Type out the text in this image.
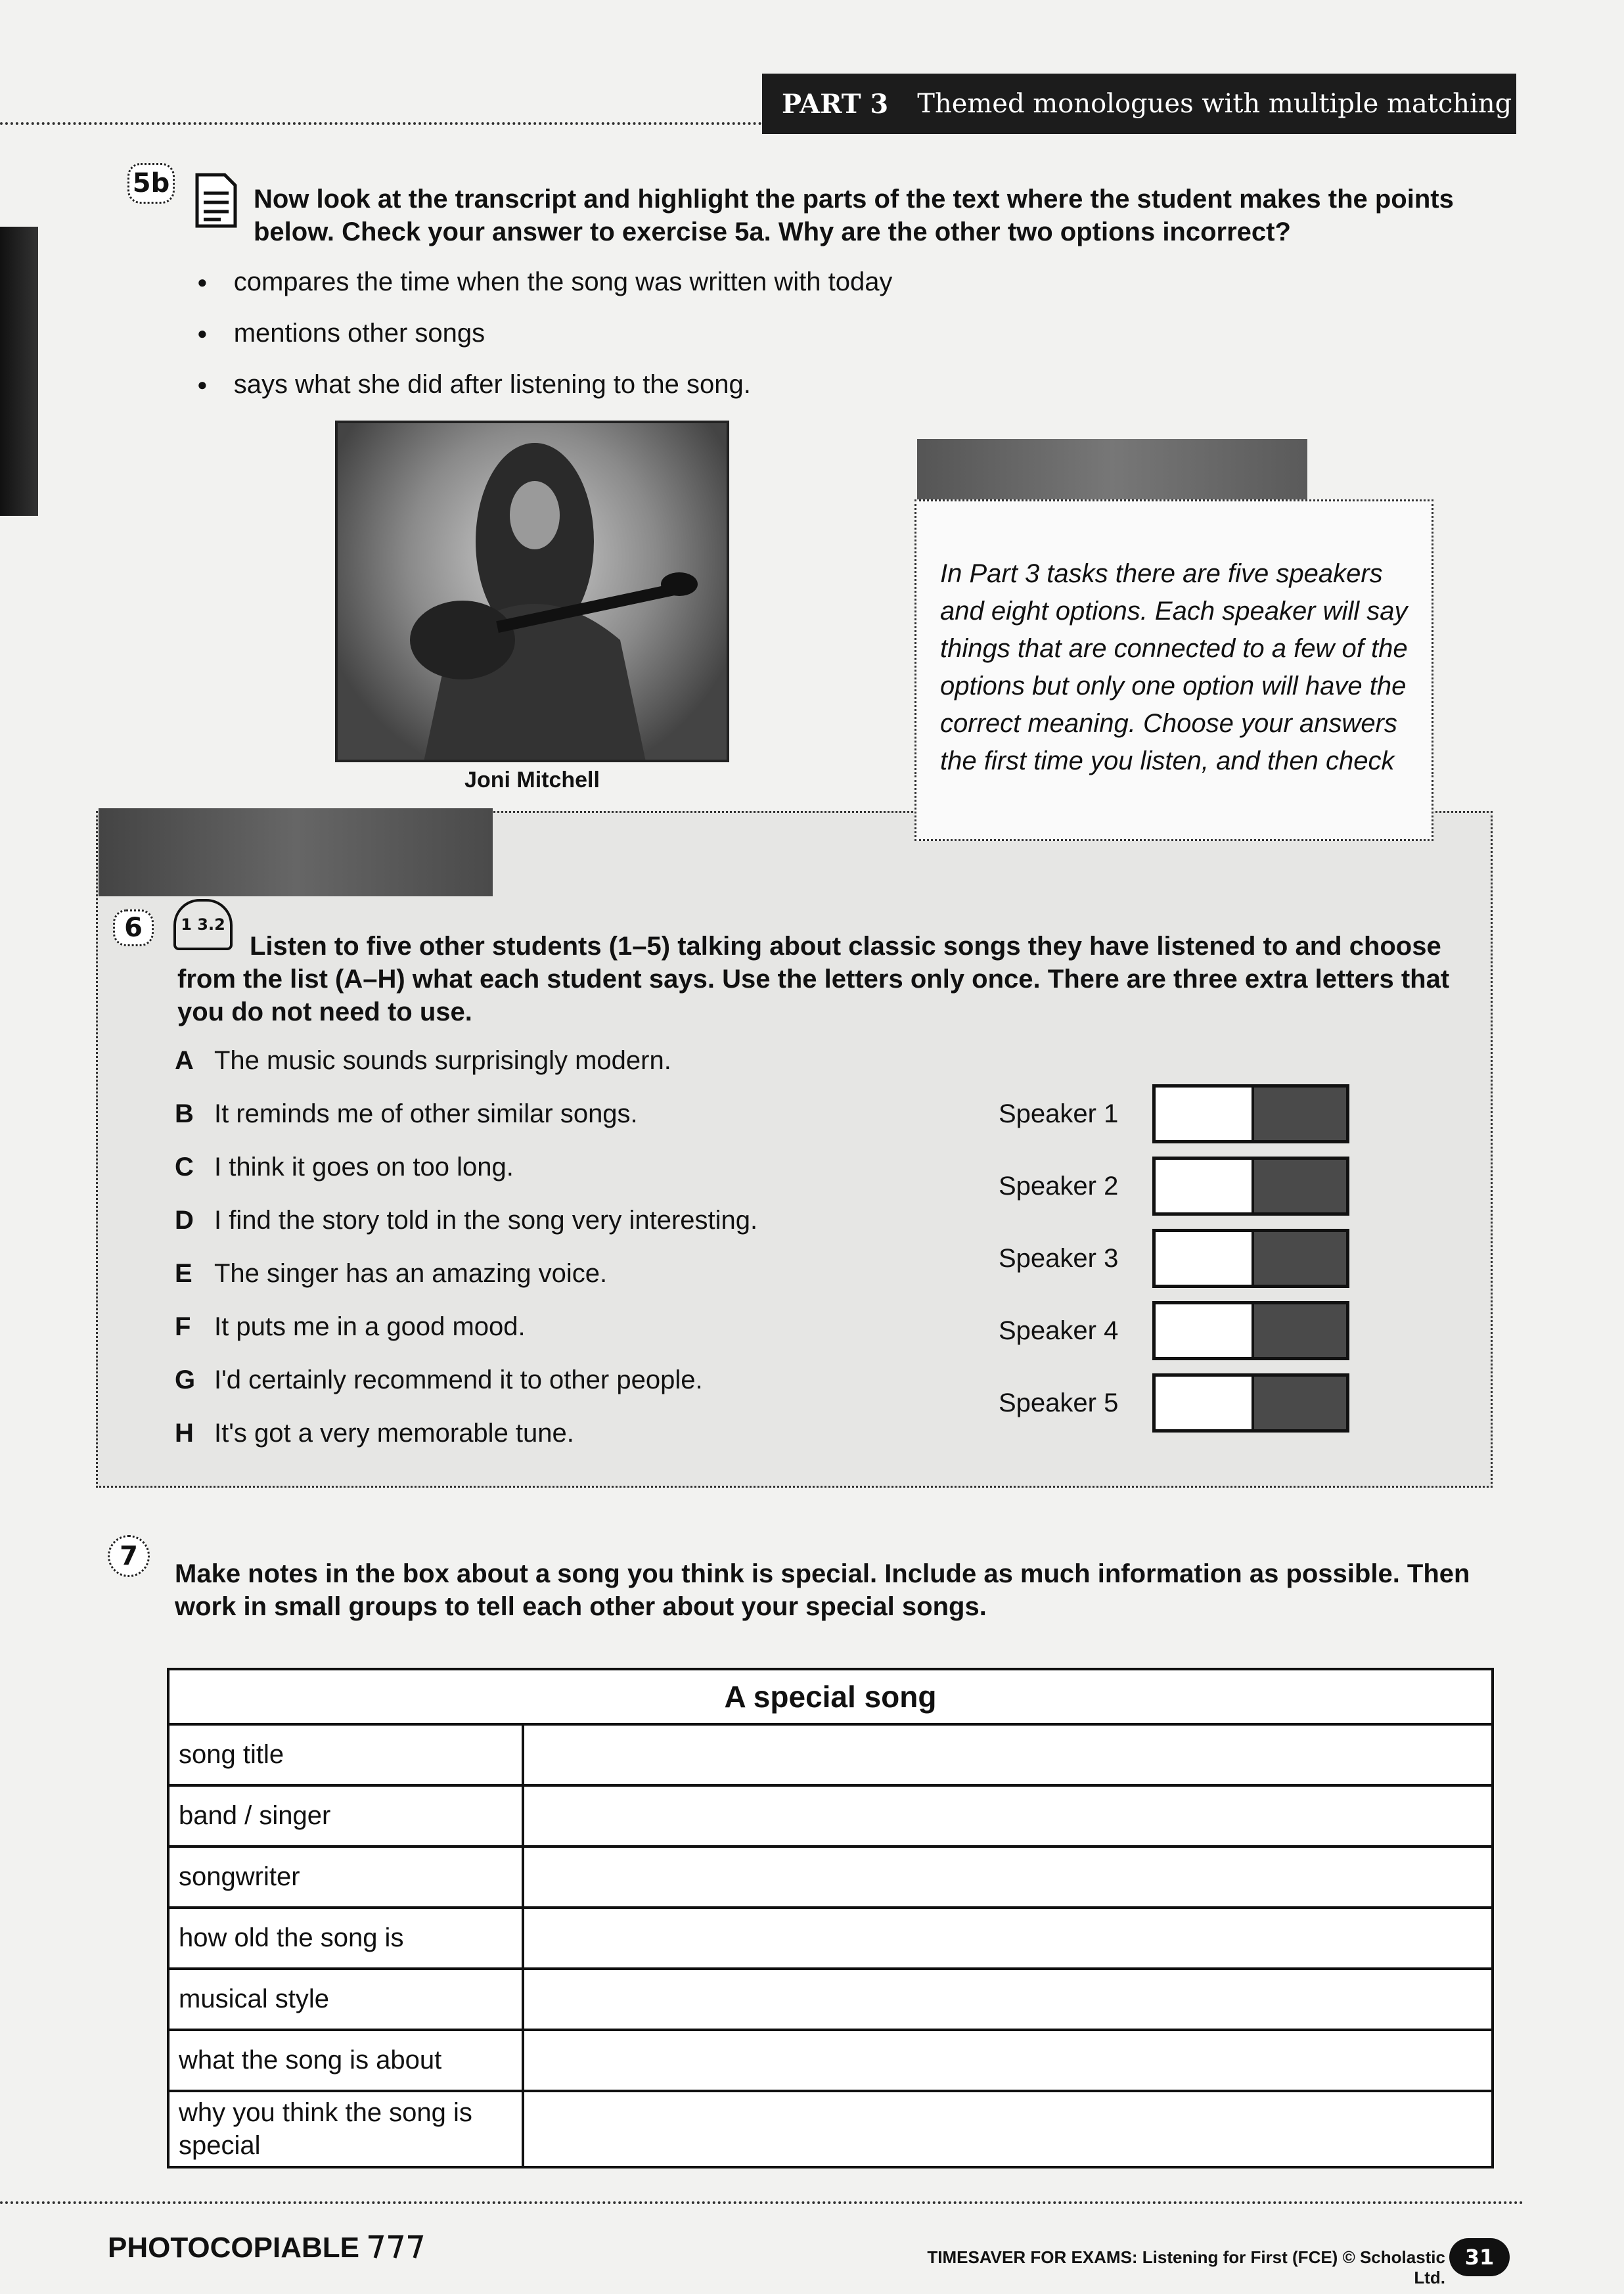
PART 3 Themed monologues with multiple matching
5b
Now look at the transcript and highlight the parts of the text where the student makes the points below. Check your answer to exercise 5a. Why are the other two options incorrect?
● compares the time when the song was written with today
● mentions other songs
● says what she did after listening to the song.
Joni Mitchell
In Part 3 tasks there are five speakers and eight options. Each speaker will say things that are connected to a few of the options but only one option will have the correct meaning. Choose your answers the first time you listen, and then check
6	1 3.2
Listen to five other students (1–5) talking about classic songs they have listened to and choose from the list (A–H) what each student says. Use the letters only once. There are three extra letters that you do not need to use.
A The music sounds surprisingly modern.
B It reminds me of other similar songs.
C I think it goes on too long.
D I find the story told in the song very interesting.
E The singer has an amazing voice.
F It puts me in a good mood.
G I'd certainly recommend it to other people.
H It's got a very memorable tune.
Speaker 1
Speaker 2
Speaker 3
Speaker 4
Speaker 5
7
Make notes in the box about a song you think is special. Include as much information as possible. Then work in small groups to tell each other about your special songs.
A special song	
song title	
band / singer	
songwriter	
how old the song is	
musical style	
what the song is about	
why you think the song is special	
PHOTOCOPIABLE	TIMESAVER FOR EXAMS: Listening for First (FCE) © Scholastic Ltd.
31
